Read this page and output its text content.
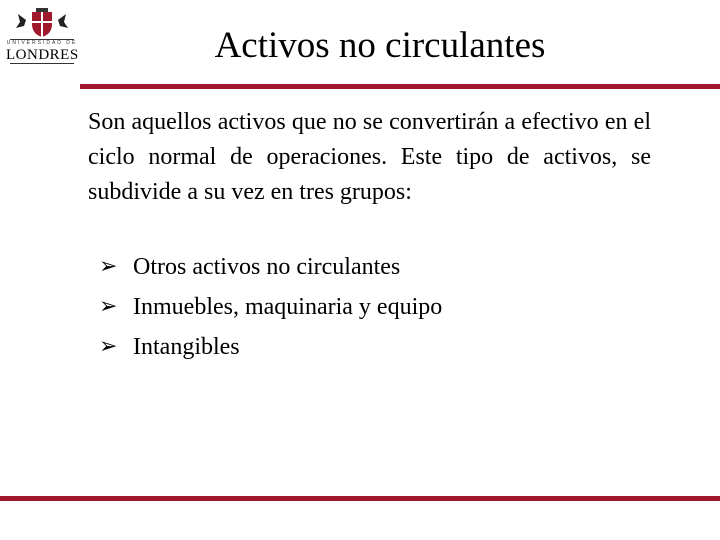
UNIVERSIDAD DE
LONDRES	Activos no circulantes
Son aquellos activos que no se convertirán a efectivo en el ciclo normal de operaciones. Este tipo de activos, se subdivide a su vez en tres grupos:
➢ Otros activos no circulantes
➢ Inmuebles, maquinaria y equipo
➢ Intangibles
